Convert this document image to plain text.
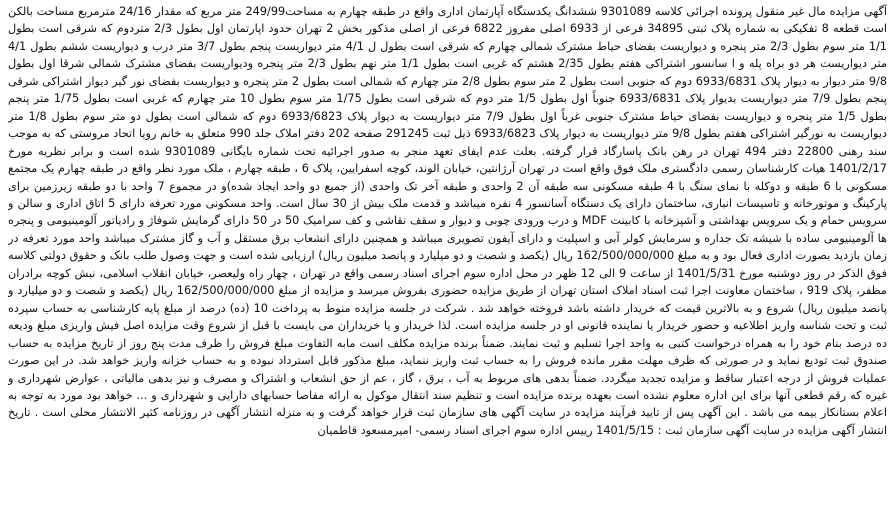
آگهی مزایده مال غیر منقول پرونده اجرائی کلاسه 9301089 ششدانگ یکدستگاه آپارتمان اداری واقع در طبقه چهارم به مساحت249/99 متر مربع که مقدار 24/16 مترمربع مساحت بالکن است قطعه 8 تفکیکی به شماره پلاک ثبتی 34895 فرعی از 6933 اصلی مفروز 6822 فرعی از اصلی مذکور بخش 2 تهران حدود اپارتمان اول بطول 2/3 متردوم که شرقی است بطول 1/1 متر سوم بطول 2/3 متر پنجره و دیواریست بفضای حیاط مشترک شمالی چهارم که شرقی است بطول ل 4/1 متر دیواریست پنجم بطول 3/7 متر درب و دیواریست ششم بطول 4/1 متر دیواریست هر دو براه پله و ا سانسور اشتراکی هفتم بطول 2/35 هشتم که غربی است بطول 1/1 متر نهم بطول 2/3 متر پنجره ودیواریست بفضای مشترک شمالی شرقا اول بطول 9/8 متر دیوار به دیوار پلاک 6933/6831 دوم که جنوبی است بطول 2 متر سوم بطول 2/8 متر چهارم که شمالی است بطول 2 متر پنجره و دیواریست بفضای نور گیر دیوار اشتراکی شرقی پنجم بطول 7/9 متر دیواریست بدیوار پلاک 6933/6831 جنوباً اول بطول 1/5 متر دوم که شرقی است بطول 1/75 متر سوم بطول 10 متر چهارم که غربی است بطول 1/75 متر پنجم بطول 1/5 متر پنجره و دیواریست بفضای حیاط مشترک جنوبی غرباً اول بطول 7/9 متر دیواریست به دیوار پلاک 6933/6823 دوم که شمالی است بطول دو متر سوم بطول 1/8 متر دیواریست به نورگیر اشتراکی هفتم بطول 9/8 متر دیواریست به دیوار پلاک 6933/6823 ذیل ثبت 291245 صفحه 202 دفتر املاک جلد 990 متعلق به خانم رویا اتحاد مروستی که به موجب سند رهنی 22800 دفتر 494 تهران در رهن بانک پاسارگاد قرار گرفته. بعلت عدم ایفای تعهد منجر به صدور اجرائیه تحت شماره بایگانی 9301089 شده است و برابر نظریه مورخ 1401/2/17 هیات کارشناسان رسمی دادگستری ملک فوق واقع است در تهران آرژانتین، خیابان الوند، کوچه اسفرایین، پلاک 6 ، طبقه چهارم ، ملک مورد نظر واقع در طبقه چهارم یک مجتمع مسکونی با 6 طبقه و دوکله با نمای سنگ با 4 طبقه مسکونی سه طبقه آن 2 واحدی و طبقه آخر تک واحدی (از جمیع دو واحد ایجاد شده)و در مجموع 7 واحد با دو طبقه زیرزمین برای پارکینگ و موتورخانه و تاسیسات انباری، ساختمان دارای یک دستگاه آسانسور 4 نفره میباشد و قدمت ملک بیش از 30 سال است. واحد مسکونی مورد تعرفه دارای 5 اتاق اداری و سالن و سرویس حمام و یک سرویس بهداشتی و آشپزخانه با کابینت MDF و درب ورودی چوبی و دیوار و سقف نقاشی و کف سرامیک 50 در 50 دارای گرمایش شوفاژ و رادیاتور آلومینیومی و پنجره ها آلومینیومی ساده با شیشه تک جداره و سرمایش کولر آبی و اسپلیت و دارای آیفون تصویری میباشد و همچنین دارای انشعاب برق مستقل و آب و گاز مشترک میباشد واحد مورد تعرفه در زمان بازدید بصورت اداری فعال بود و به مبلغ 162/500/000/000 ریال (یکصد و شصت و دو میلیارد و پانصد میلیون ریال) ارزیابی شده است و جهت وصول طلب بانک و حقوق دولتی کلاسه فوق الذکر در روز دوشنبه مورخ 1401/5/31 از ساعت 9 الی 12 ظهر در محل اداره سوم اجرای اسناد رسمی واقع در تهران ، چهار راه ولیعصر، خیابان انقلاب اسلامی، نبش کوچه برادران مظفر، پلاک 919 ، ساختمان معاونت اجرا ثبت اسناد املاک استان تهران از طریق مزایده حضوری بفروش میرسد و مزایده از مبلغ 162/500/000/000 ریال (یکصد و شصت و دو میلیارد و پانصد میلیون ریال) شروع و به بالاترین قیمت که خریدار داشته باشد فروخته خواهد شد . شرکت در جلسه مزایده منوط به پرداخت 10 (ده) درصد از مبلغ پایه کارشناسی به حساب سپرده ثبت و تحت شناسه واریز اطلاعیه و حضور خریدار یا نماینده قانونی او در جلسه مزایده است. لذا خریدار و یا خریداران می بایست با قبل از شروع وقت مزایده اصل فیش واریزی مبلغ ودیعه ده درصد بنام خود را به همراه درخواست کتبی به واحد اجرا تسلیم و ثبت نمایند. ضمناً برنده مزایده مکلف است مابه التفاوت مبلغ فروش را ظرف مدت پنج روز از تاریخ مزایده به حساب صندوق ثبت تودیع نماید و در صورتی که ظرف مهلت مقرر مانده فروش را به حساب ثبت واریز ننماید، مبلغ مذکور قابل استرداد نبوده و به حساب خزانه واریز خواهد شد. در این صورت عملیات فروش از درجه اعتبار ساقط و مزایده تجدید میگردد. ضمناً بدهی های مربوط به آب ، برق ، گاز ، عم از حق انشعاب و اشتراک و مصرف و نیز بدهی مالیاتی ، عوارض شهرداری و غیره که رقم قطعی آنها برای این اداره معلوم نشده است بعهده برنده مزایده است و تنظیم سند انتقال موکول به ارائه مفاصا حسابهای دارایی و شهرداری و ... خواهد بود مورد به توجه به اعلام بستانکار بیمه می باشد . این آگهی پس از تایید فرآیند مزایده در سایت آگهی های سازمان ثبت قرار خواهد گرفت و به منزله انتشار آگهی در روزنامه کثیر الانتشار محلی است . تاریخ انتشار آگهی مزایده در سایت آگهی سازمان ثبت : 1401/5/15 رییس اداره سوم اجرای اسناد رسمی- امیرمسعود قاطمیان
